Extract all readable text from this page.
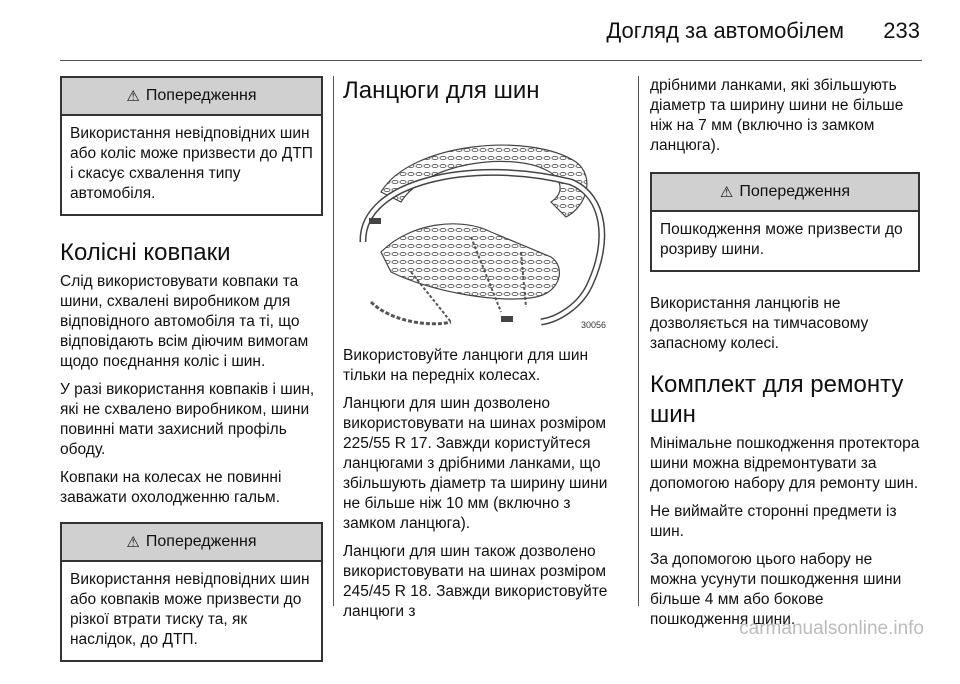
Догляд за автомобілем 233
⚠ Попередження
Використання невідповідних шин або коліс може призвести до ДТП і скасує схвалення типу автомобіля.
Колісні ковпаки

Слід використовувати ковпаки та шини, схвалені виробником для відповідного автомобіля та ті, що відповідають всім діючим вимогам щодо поєднання коліс і шин.

У разі використання ковпаків і шин, які не схвалено виробником, шини повинні мати захисний профіль ободу.

Ковпаки на колесах не повинні заважати охолодженню гальм.

⚠ Попередження
Використання невідповідних шин або ковпаків може призвести до різкої втрати тиску та, як наслідок, до ДТП.
Ланцюги для шин
30056

Використовуйте ланцюги для шин тільки на передніх колесах.

Ланцюги для шин дозволено використовувати на шинах розміром 225/55 R 17. Завжди користуйтеся ланцюгами з дрібними ланками, що збільшують діаметр та ширину шини не більше ніж 10 мм (включно з замком ланцюга).

Ланцюги для шин також дозволено використовувати на шинах розміром 245/45 R 18. Завжди використовуйте ланцюги з

дрібними ланками, які збільшують діаметр та ширину шини не більше ніж на 7 мм (включно із замком ланцюга).

⚠ Попередження
Пошкодження може призвести до розриву шини.

Використання ланцюгів не дозволяється на тимчасовому запасному колесі.

Комплект для ремонту шин

Мінімальне пошкодження протектора шини можна відремонтувати за допомогою набору для ремонту шин.

Не виймайте сторонні предмети із шин.

За допомогою цього набору не можна усунути пошкодження шини більше 4 мм або бокове пошкодження шини.

carmanualsonline.info
